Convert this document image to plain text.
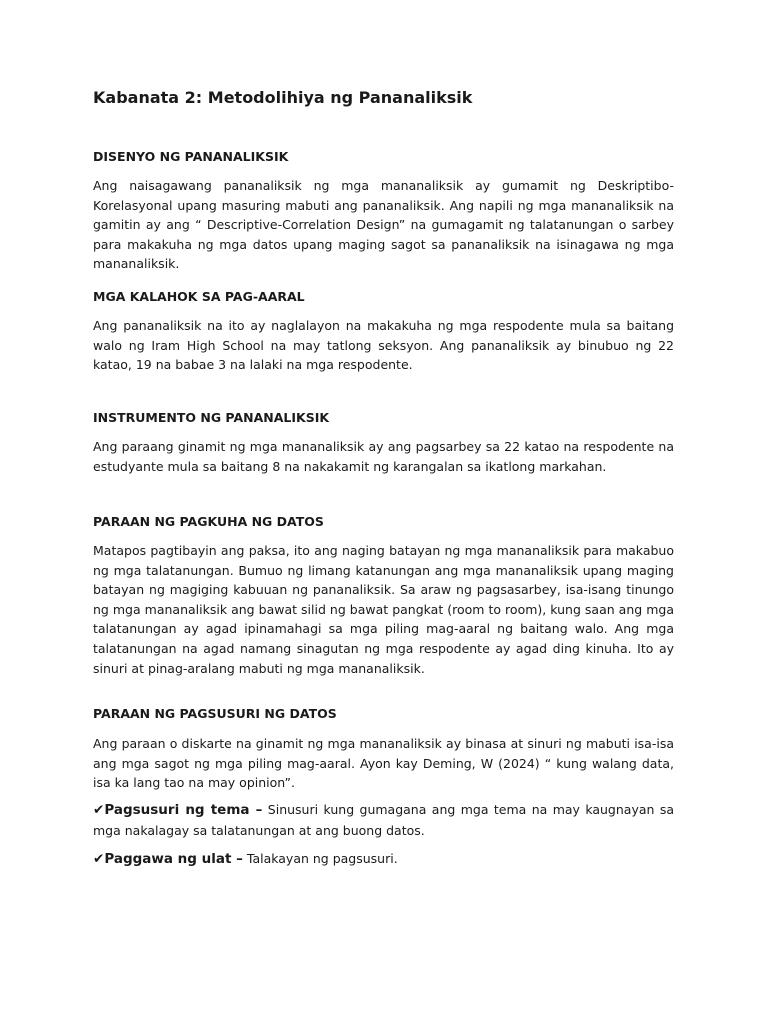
Kabanata 2: Metodolihiya ng Pananaliksik
DISENYO NG PANANALIKSIK

Ang naisagawang pananaliksik ng mga mananaliksik ay gumamit ng Deskriptibo-Korelasyonal upang masuring mabuti ang pananaliksik. Ang napili ng mga mananaliksik na gamitin ay ang “ Descriptive-Correlation Design” na gumagamit ng talatanungan o sarbey para makakuha ng mga datos upang maging sagot sa pananaliksik na isinagawa ng mga mananaliksik.

MGA KALAHOK SA PAG-AARAL

Ang pananaliksik na ito ay naglalayon na makakuha ng mga respodente mula sa baitang walo ng Iram High School na may tatlong seksyon. Ang pananaliksik ay binubuo ng 22 katao, 19 na babae 3 na lalaki na mga respodente.

INSTRUMENTO NG PANANALIKSIK

Ang paraang ginamit ng mga mananaliksik ay ang pagsarbey sa 22 katao na respodente na estudyante mula sa baitang 8 na nakakamit ng karangalan sa ikatlong markahan.

PARAAN NG PAGKUHA NG DATOS

Matapos pagtibayin ang paksa, ito ang naging batayan ng mga mananaliksik para makabuo ng mga talatanungan. Bumuo ng limang katanungan ang mga mananaliksik upang maging batayan ng magiging kabuuan ng pananaliksik. Sa araw ng pagsasarbey, isa-isang tinungo ng mga mananaliksik ang bawat silid ng bawat pangkat (room to room), kung saan ang mga talatanungan ay agad ipinamahagi sa mga piling mag-aaral ng baitang walo. Ang mga talatanungan na agad namang sinagutan ng mga respodente ay agad ding kinuha. Ito ay sinuri at pinag-aralang mabuti ng mga mananaliksik.

PARAAN NG PAGSUSURI NG DATOS

Ang paraan o diskarte na ginamit ng mga mananaliksik ay binasa at sinuri ng mabuti isa-isa ang mga sagot ng mga piling mag-aaral. Ayon kay Deming, W (2024) “ kung walang data, isa ka lang tao na may opinion”.

✔Pagsusuri ng tema – Sinusuri kung gumagana ang mga tema na may kaugnayan sa mga nakalagay sa talatanungan at ang buong datos.

✔Paggawa ng ulat – Talakayan ng pagsusuri.
